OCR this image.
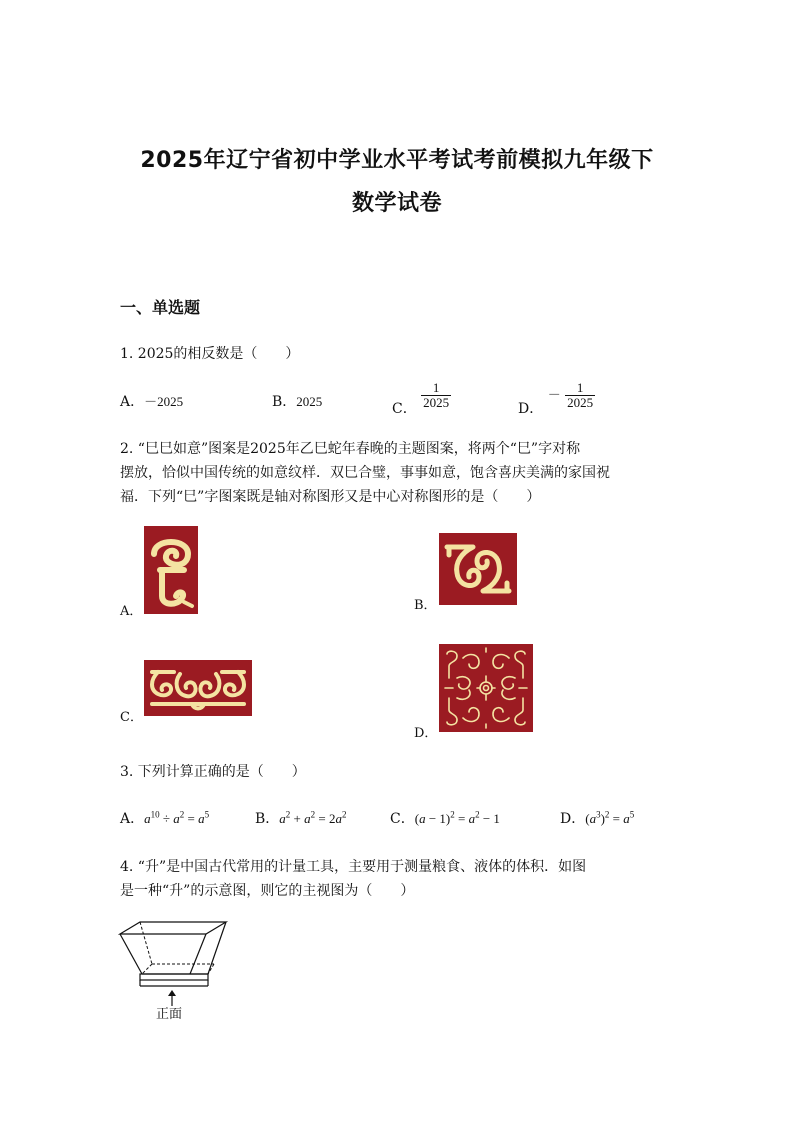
2025年辽宁省初中学业水平考试考前模拟九年级下
数学试卷
一、单选题
1. 2025的相反数是（　　）
A．－2025	B．2025	C． $\frac{1}{2025}$	D． － $\frac{1}{2025}$
2. “巳巳如意”图案是2025年乙巳蛇年春晚的主题图案，将两个“巳”字对称
摆放，恰似中国传统的如意纹样．双巳合璧，事事如意，饱含喜庆美满的家国祝
福．下列“巳”字图案既是轴对称图形又是中心对称图形的是（　　）
A．	B．
C．
D．
3. 下列计算正确的是（　　）
A．$a^{10} \div a^2 = a^5$	B．$a^2 + a^2 = 2a^2$	C．$(a - 1)^2 = a^2 - 1$	D．$(a^3)^2 = a^5$
4. “升”是中国古代常用的计量工具，主要用于测量粮食、液体的体积．如图
是一种“升”的示意图，则它的主视图为（　　）
正面
